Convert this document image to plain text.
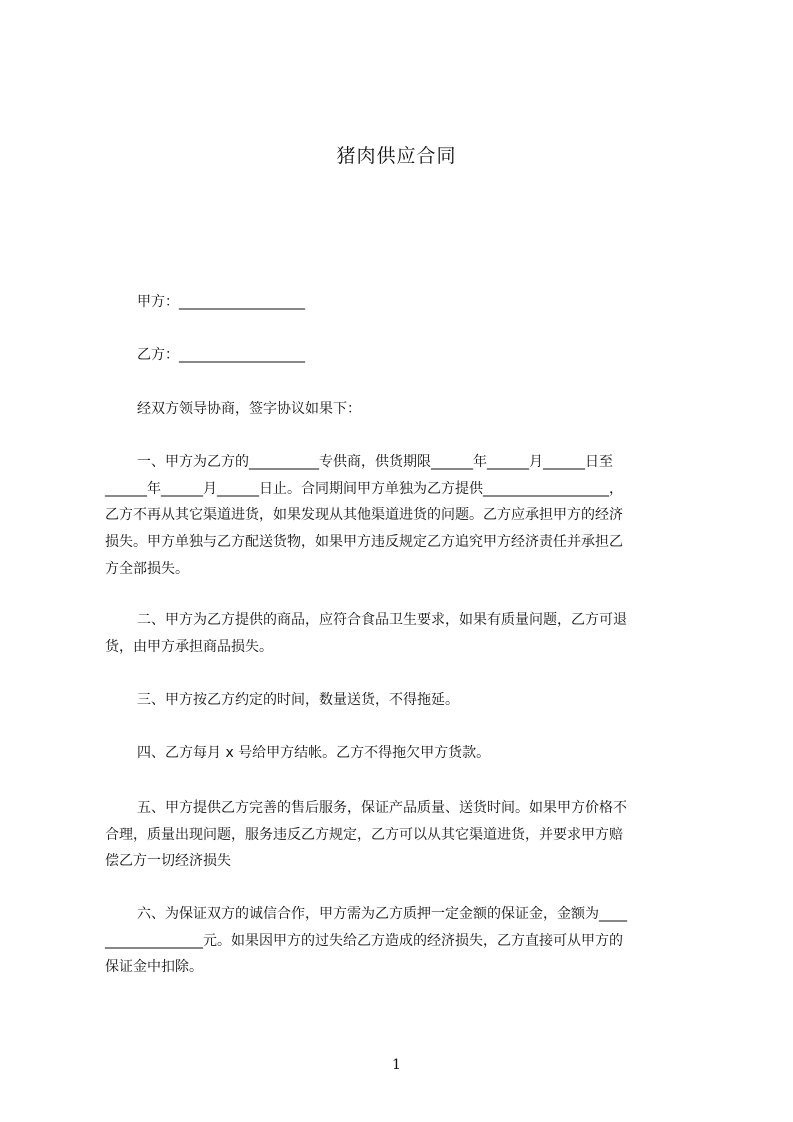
猪肉供应合同
甲方：__________________
乙方：__________________
经双方领导协商，签字协议如果下：

一、甲方为乙方的__________专供商，供货期限______年______月______日至

______年______月______日止。合同期间甲方单独为乙方提供__________________，

乙方不再从其它渠道进货，如果发现从其他渠道进货的问题。乙方应承担甲方的经济

损失。甲方单独与乙方配送货物，如果甲方违反规定乙方追究甲方经济责任并承担乙

方全部损失。

二、甲方为乙方提供的商品，应符合食品卫生要求，如果有质量问题，乙方可退

货，由甲方承担商品损失。

三、甲方按乙方约定的时间，数量送货，不得拖延。
四、乙方每月 x 号给甲方结帐。乙方不得拖欠甲方货款。

五、甲方提供乙方完善的售后服务，保证产品质量、送货时间。如果甲方价格不

合理，质量出现问题，服务违反乙方规定，乙方可以从其它渠道进货，并要求甲方赔

偿乙方一切经济损失

六、为保证双方的诚信合作，甲方需为乙方质押一定金额的保证金，金额为____

______________元。如果因甲方的过失给乙方造成的经济损失，乙方直接可从甲方的

保证金中扣除。

1
